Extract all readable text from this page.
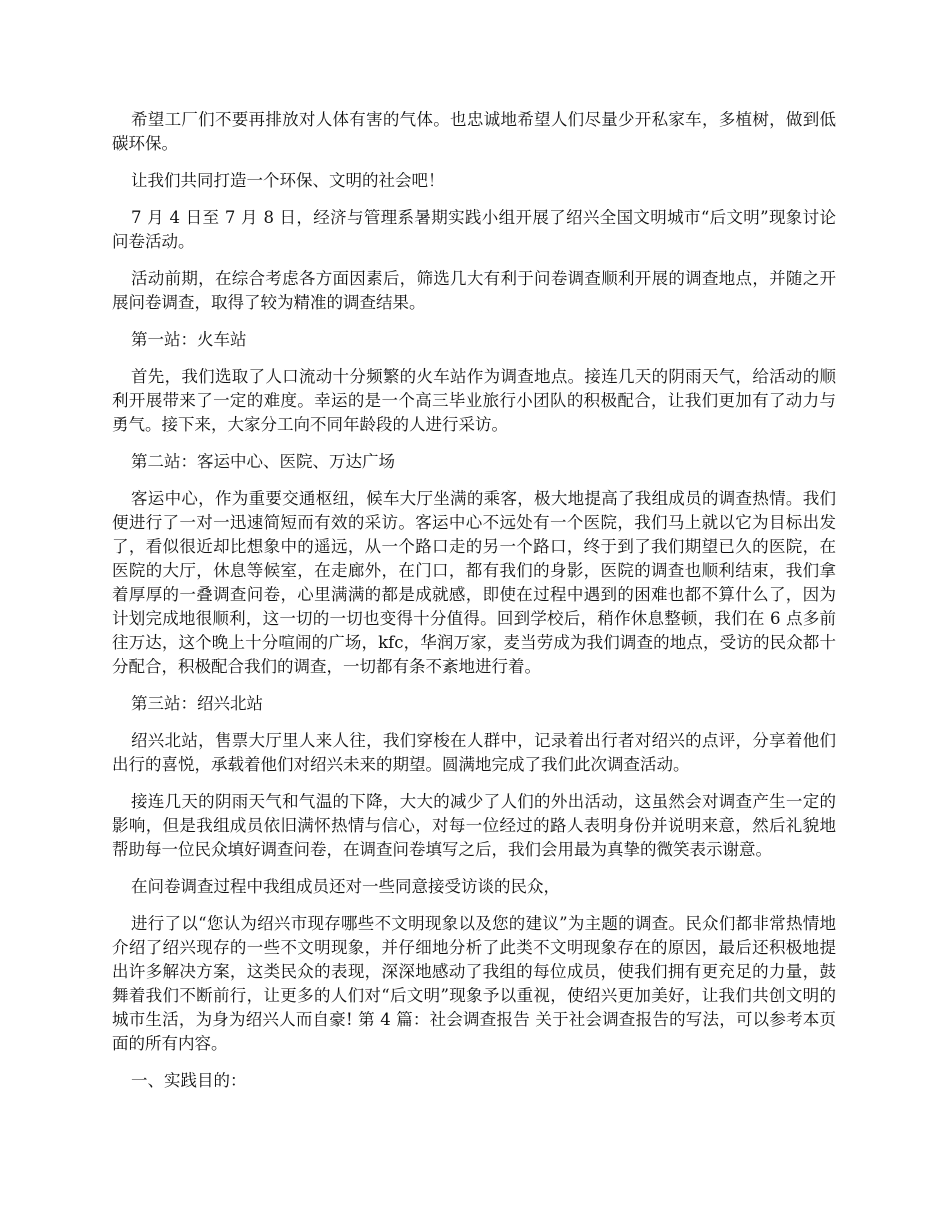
希望工厂们不要再排放对人体有害的气体。也忠诚地希望人们尽量少开私家车，多植树，做到低碳环保。

让我们共同打造一个环保、文明的社会吧！

7 月 4 日至 7 月 8 日，经济与管理系暑期实践小组开展了绍兴全国文明城市“后文明”现象讨论问卷活动。

活动前期，在综合考虑各方面因素后，筛选几大有利于问卷调查顺利开展的调查地点，并随之开展问卷调查，取得了较为精准的调查结果。

第一站：火车站

首先，我们选取了人口流动十分频繁的火车站作为调查地点。接连几天的阴雨天气，给活动的顺利开展带来了一定的难度。幸运的是一个高三毕业旅行小团队的积极配合，让我们更加有了动力与勇气。接下来，大家分工向不同年龄段的人进行采访。

第二站：客运中心、医院、万达广场

客运中心，作为重要交通枢纽，候车大厅坐满的乘客，极大地提高了我组成员的调查热情。我们便进行了一对一迅速简短而有效的采访。客运中心不远处有一个医院，我们马上就以它为目标出发了，看似很近却比想象中的遥远，从一个路口走的另一个路口，终于到了我们期望已久的医院，在医院的大厅，休息等候室，在走廊外，在门口，都有我们的身影，医院的调查也顺利结束，我们拿着厚厚的一叠调查问卷，心里满满的都是成就感，即使在过程中遇到的困难也都不算什么了，因为计划完成地很顺利，这一切的一切也变得十分值得。回到学校后，稍作休息整顿，我们在 6 点多前往万达，这个晚上十分喧闹的广场，kfc，华润万家，麦当劳成为我们调查的地点，受访的民众都十分配合，积极配合我们的调查，一切都有条不紊地进行着。

第三站：绍兴北站

绍兴北站，售票大厅里人来人往，我们穿梭在人群中，记录着出行者对绍兴的点评，分享着他们出行的喜悦，承载着他们对绍兴未来的期望。圆满地完成了我们此次调查活动。

接连几天的阴雨天气和气温的下降，大大的减少了人们的外出活动，这虽然会对调查产生一定的影响，但是我组成员依旧满怀热情与信心，对每一位经过的路人表明身份并说明来意，然后礼貌地帮助每一位民众填好调查问卷，在调查问卷填写之后，我们会用最为真挚的微笑表示谢意。

在问卷调查过程中我组成员还对一些同意接受访谈的民众，

进行了以“您认为绍兴市现存哪些不文明现象以及您的建议”为主题的调查。民众们都非常热情地介绍了绍兴现存的一些不文明现象，并仔细地分析了此类不文明现象存在的原因，最后还积极地提出许多解决方案，这类民众的表现，深深地感动了我组的每位成员，使我们拥有更充足的力量，鼓舞着我们不断前行，让更多的人们对“后文明”现象予以重视，使绍兴更加美好，让我们共创文明的城市生活，为身为绍兴人而自豪! 第 4 篇：社会调查报告 关于社会调查报告的写法，可以参考本页面的所有内容。

一、实践目的：
